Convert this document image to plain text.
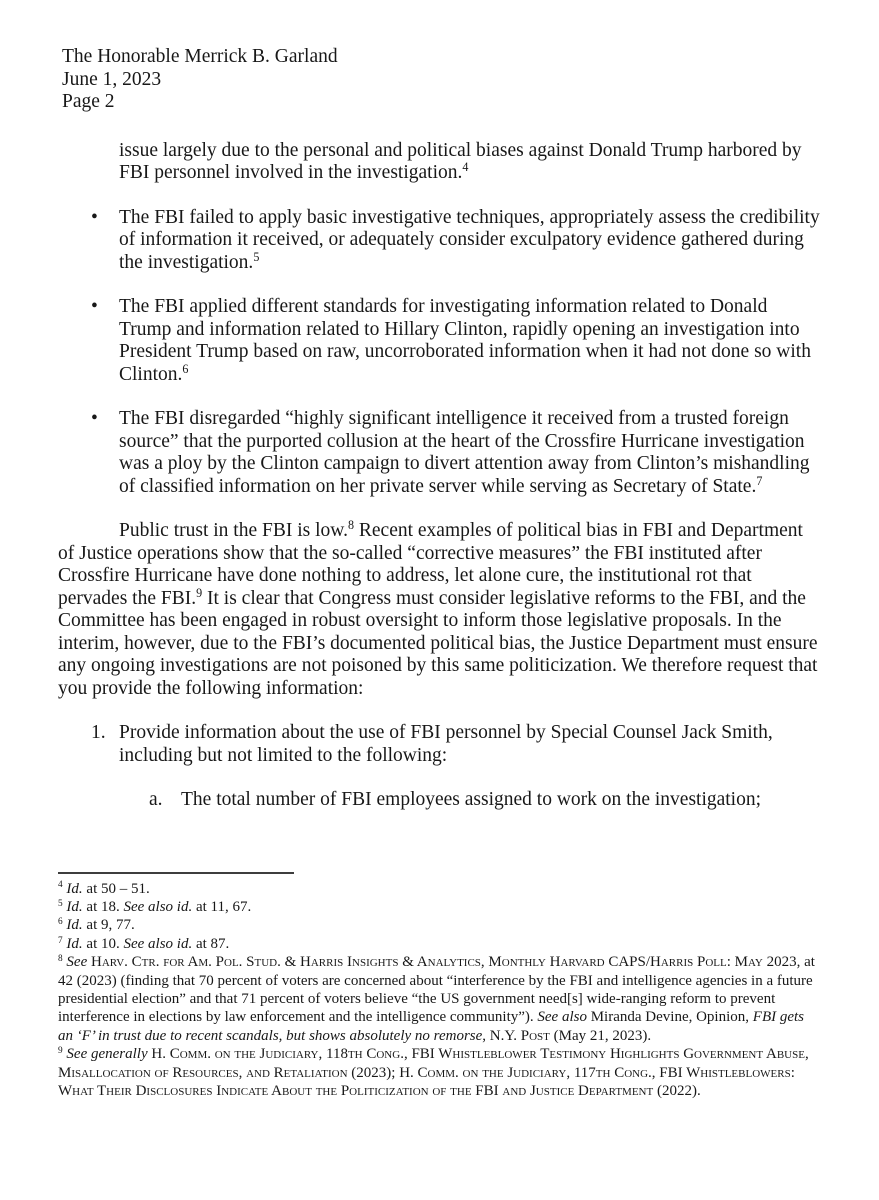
The Honorable Merrick B. Garland
June 1, 2023
Page 2

issue largely due to the personal and political biases against Donald Trump harbored by FBI personnel involved in the investigation.$^4$

•	The FBI failed to apply basic investigative techniques, appropriately assess the credibility of information it received, or adequately consider exculpatory evidence gathered during the investigation.$^5$
•	The FBI applied different standards for investigating information related to Donald Trump and information related to Hillary Clinton, rapidly opening an investigation into President Trump based on raw, uncorroborated information when it had not done so with Clinton.$^6$
•	The FBI disregarded “highly significant intelligence it received from a trusted foreign source” that the purported collusion at the heart of the Crossfire Hurricane investigation was a ploy by the Clinton campaign to divert attention away from Clinton’s mishandling of classified information on her private server while serving as Secretary of State.$^7$

Public trust in the FBI is low.$^8$ Recent examples of political bias in FBI and Department of Justice operations show that the so-called “corrective measures” the FBI instituted after Crossfire Hurricane have done nothing to address, let alone cure, the institutional rot that pervades the FBI.$^9$ It is clear that Congress must consider legislative reforms to the FBI, and the Committee has been engaged in robust oversight to inform those legislative proposals. In the interim, however, due to the FBI’s documented political bias, the Justice Department must ensure any ongoing investigations are not poisoned by this same politicization. We therefore request that you provide the following information:

1. Provide information about the use of FBI personnel by Special Counsel Jack Smith, including but not limited to the following:
a. The total number of FBI employees assigned to work on the investigation;

$^4$ Id. at 50 – 51.

$^5$ Id. at 18. See also id. at 11, 67.

$^6$ Id. at 9, 77.

$^7$ Id. at 10. See also id. at 87.

$^8$ See Harv. Ctr. for Am. Pol. Stud. & Harris Insights & Analytics, Monthly Harvard CAPS/Harris Poll: May 2023, at 42 (2023) (finding that 70 percent of voters are concerned about “interference by the FBI and intelligence agencies in a future presidential election” and that 71 percent of voters believe “the US government need[s] wide-ranging reform to prevent interference in elections by law enforcement and the intelligence community”). See also Miranda Devine, Opinion, FBI gets an ‘F’ in trust due to recent scandals, but shows absolutely no remorse, N.Y. Post (May 21, 2023).

$^9$ See generally H. Comm. on the Judiciary, 118th Cong., FBI Whistleblower Testimony Highlights Government Abuse, Misallocation of Resources, and Retaliation (2023); H. Comm. on the Judiciary, 117th Cong., FBI Whistleblowers: What Their Disclosures Indicate About the Politicization of the FBI and Justice Department (2022).
